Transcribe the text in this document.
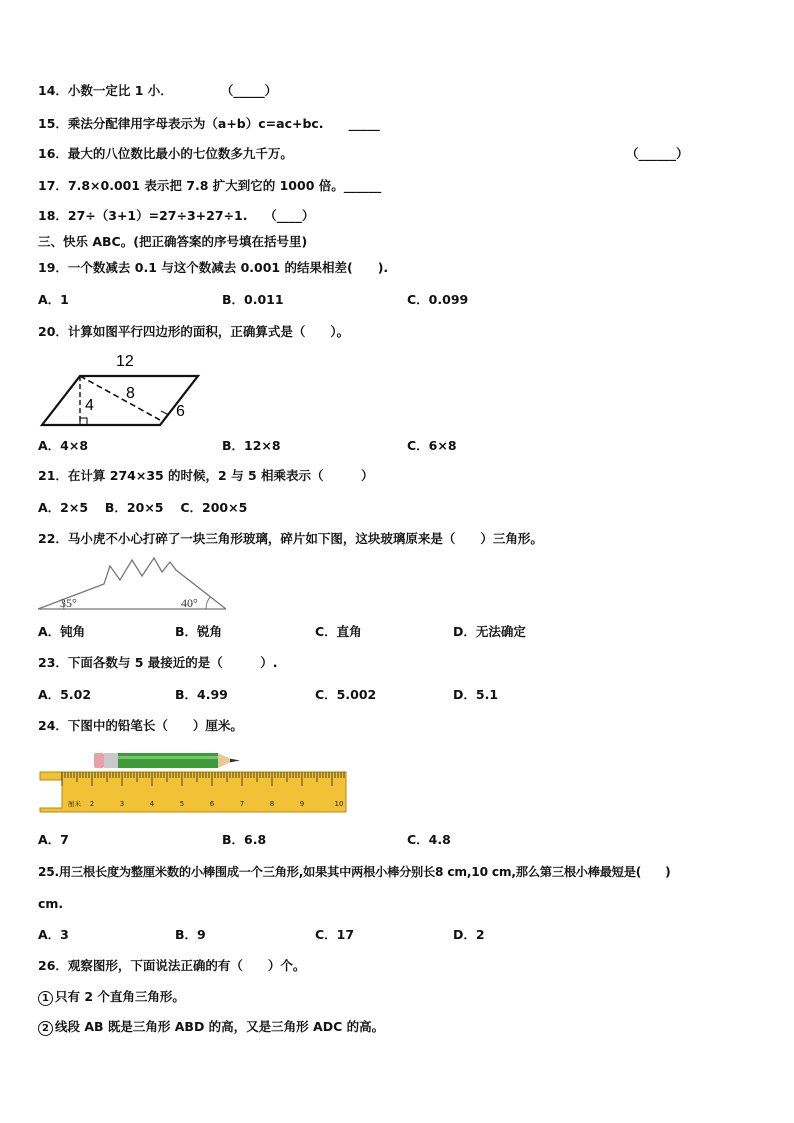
14．小数一定比 1 小．　　　　 （_____）
15．乘法分配律用字母表示为（a+b）c=ac+bc.　　_____
16．最大的八位数比最小的七位数多九千万。	（______）
17．7.8×0.001 表示把 7.8 扩大到它的 1000 倍。______
18．27÷（3+1）=27÷3+27÷1.　 （____）
三、快乐 ABC。(把正确答案的序号填在括号里)
19．一个数减去 0.1 与这个数减去 0.001 的结果相差(　　).
A．1	B．0.011	C．0.099
20．计算如图平行四边形的面积，正确算式是（　　）。
12
8
4	6
A．4×8	B．12×8	C．6×8
21．在计算 274×35 的时候，2 与 5 相乘表示（　　　）
A．2×5　 B．20×5　 C．200×5
22．马小虎不小心打碎了一块三角形玻璃，碎片如下图，这块玻璃原来是（　　）三角形。
35°	40°
A．钝角	B．锐角	C．直角	D．无法确定
23．下面各数与 5 最接近的是（　　　）.
A．5.02	B．4.99	C．5.002	D．5.1
24．下图中的铅笔长（　　）厘米。
厘米 2	3	4	5	6	7	8	9	10
A．7	B．6.8	C．4.8
25.用三根长度为整厘米数的小棒围成一个三角形,如果其中两根小棒分别长8 cm,10 cm,那么第三根小棒最短是(　　)
cm.
A．3	B．9	C．17	D．2
26．观察图形，下面说法正确的有（　　）个。
1 只有 2 个直角三角形。
2 线段 AB 既是三角形 ABD 的高，又是三角形 ADC 的高。
